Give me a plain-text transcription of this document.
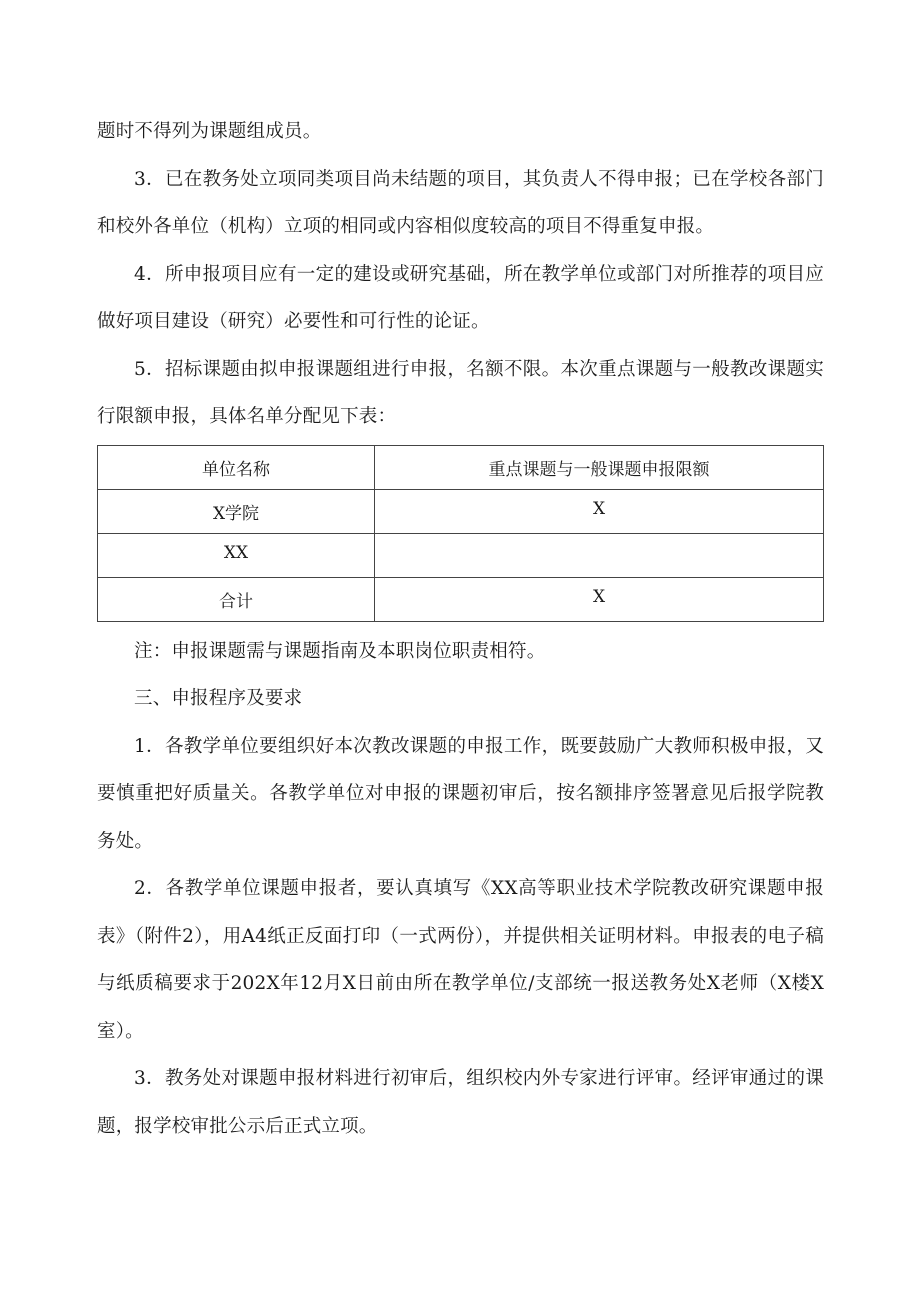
题时不得列为课题组成员。

3．已在教务处立项同类项目尚未结题的项目，其负责人不得申报；已在学校各部门和校外各单位（机构）立项的相同或内容相似度较高的项目不得重复申报。

4．所申报项目应有一定的建设或研究基础，所在教学单位或部门对所推荐的项目应做好项目建设（研究）必要性和可行性的论证。

5．招标课题由拟申报课题组进行申报，名额不限。本次重点课题与一般教改课题实行限额申报，具体名单分配见下表：

单位名称	重点课题与一般课题申报限额
X学院	X
XX	
合计	X

注：申报课题需与课题指南及本职岗位职责相符。

三、申报程序及要求

1．各教学单位要组织好本次教改课题的申报工作，既要鼓励广大教师积极申报，又要慎重把好质量关。各教学单位对申报的课题初审后，按名额排序签署意见后报学院教务处。

2．各教学单位课题申报者，要认真填写《XX高等职业技术学院教改研究课题申报表》（附件2），用A4纸正反面打印（一式两份），并提供相关证明材料。申报表的电子稿与纸质稿要求于202X年12月X日前由所在教学单位/支部统一报送教务处X老师（X楼X室）。

3．教务处对课题申报材料进行初审后，组织校内外专家进行评审。经评审通过的课题，报学校审批公示后正式立项。
